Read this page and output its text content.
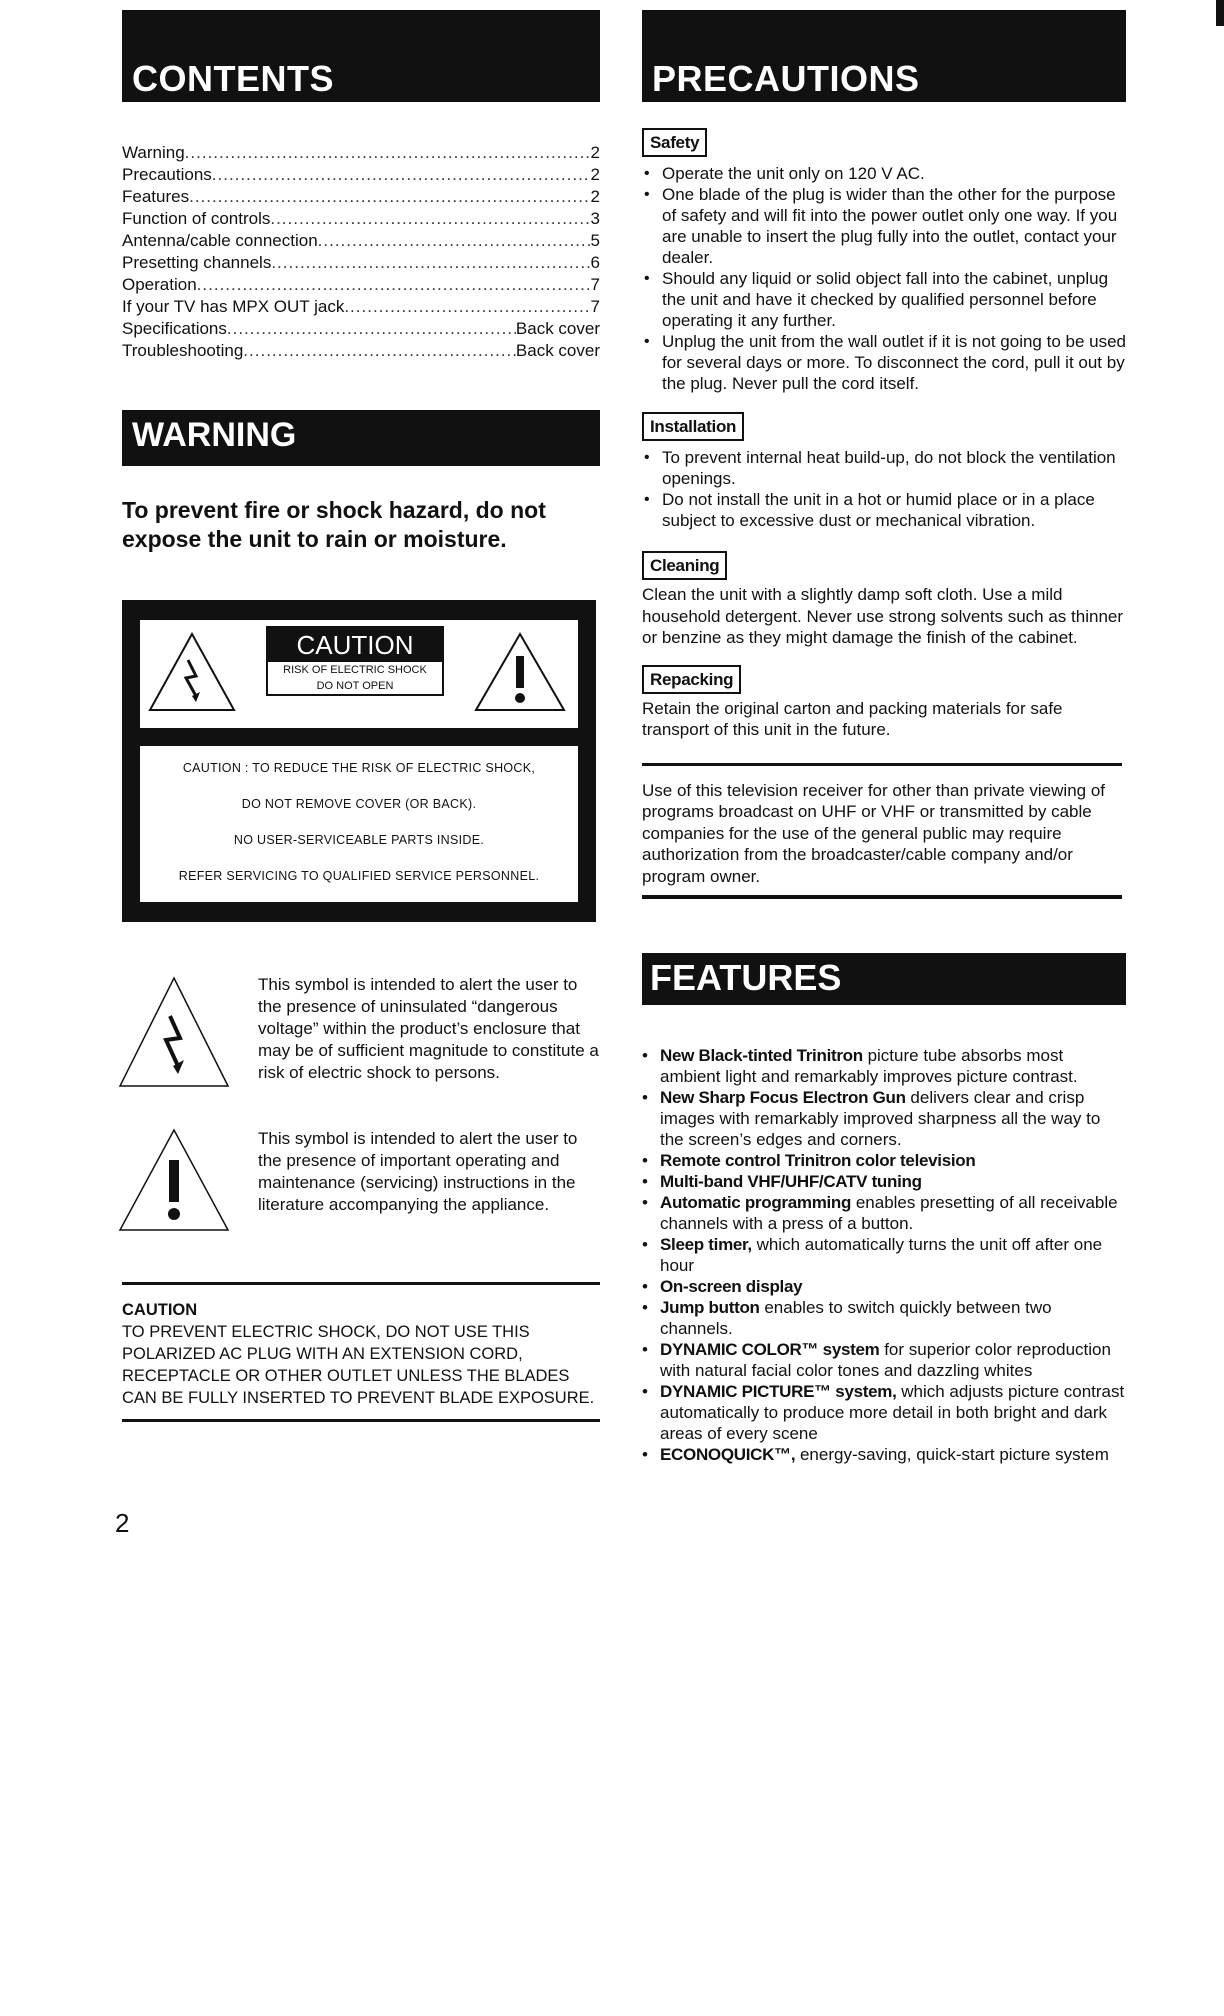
CONTENTS
Warning .....	2
Precautions .....	2
Features .....	2
Function of controls .....	3
Antenna/cable connection .....	5
Presetting channels .....	6
Operation .....	7
If your TV has MPX OUT jack .....	7
Specifications .....	Back cover
Troubleshooting .....	Back cover
WARNING
To prevent fire or shock hazard, do not expose the unit to rain or moisture.
CAUTION
RISK OF ELECTRIC SHOCK
DO NOT OPEN
CAUTION : TO REDUCE THE RISK OF ELECTRIC SHOCK,
DO NOT REMOVE COVER (OR BACK).
NO USER-SERVICEABLE PARTS INSIDE.
REFER SERVICING TO QUALIFIED SERVICE PERSONNEL.
This symbol is intended to alert the user to the presence of uninsulated “dangerous voltage” within the product’s enclosure that may be of sufficient magnitude to constitute a risk of electric shock to persons.
This symbol is intended to alert the user to the presence of important operating and maintenance (servicing) instructions in the literature accompanying the appliance.
CAUTION
TO PREVENT ELECTRIC SHOCK, DO NOT USE THIS POLARIZED AC PLUG WITH AN EXTENSION CORD, RECEPTACLE OR OTHER OUTLET UNLESS THE BLADES CAN BE FULLY INSERTED TO PREVENT BLADE EXPOSURE.
2
PRECAUTIONS
Safety
• Operate the unit only on 120 V AC.
• One blade of the plug is wider than the other for the purpose of safety and will fit into the power outlet only one way. If you are unable to insert the plug fully into the outlet, contact your dealer.
• Should any liquid or solid object fall into the cabinet, unplug the unit and have it checked by qualified personnel before operating it any further.
• Unplug the unit from the wall outlet if it is not going to be used for several days or more. To disconnect the cord, pull it out by the plug. Never pull the cord itself.
Installation
• To prevent internal heat build-up, do not block the ventilation openings.
• Do not install the unit in a hot or humid place or in a place subject to excessive dust or mechanical vibration.
Cleaning
Clean the unit with a slightly damp soft cloth. Use a mild household detergent. Never use strong solvents such as thinner or benzine as they might damage the finish of the cabinet.
Repacking
Retain the original carton and packing materials for safe transport of this unit in the future.
Use of this television receiver for other than private viewing of programs broadcast on UHF or VHF or transmitted by cable companies for the use of the general public may require authorization from the broadcaster/cable company and/or program owner.
FEATURES
• New Black-tinted Trinitron picture tube absorbs most ambient light and remarkably improves picture contrast.
• New Sharp Focus Electron Gun delivers clear and crisp images with remarkably improved sharpness all the way to the screen’s edges and corners.
• Remote control Trinitron color television
• Multi-band VHF/UHF/CATV tuning
• Automatic programming enables presetting of all receivable channels with a press of a button.
• Sleep timer, which automatically turns the unit off after one hour
• On-screen display
• Jump button enables to switch quickly between two channels.
• DYNAMIC COLOR™ system for superior color reproduction with natural facial color tones and dazzling whites
• DYNAMIC PICTURE™ system, which adjusts picture contrast automatically to produce more detail in both bright and dark areas of every scene
• ECONOQUICK™, energy-saving, quick-start picture system
